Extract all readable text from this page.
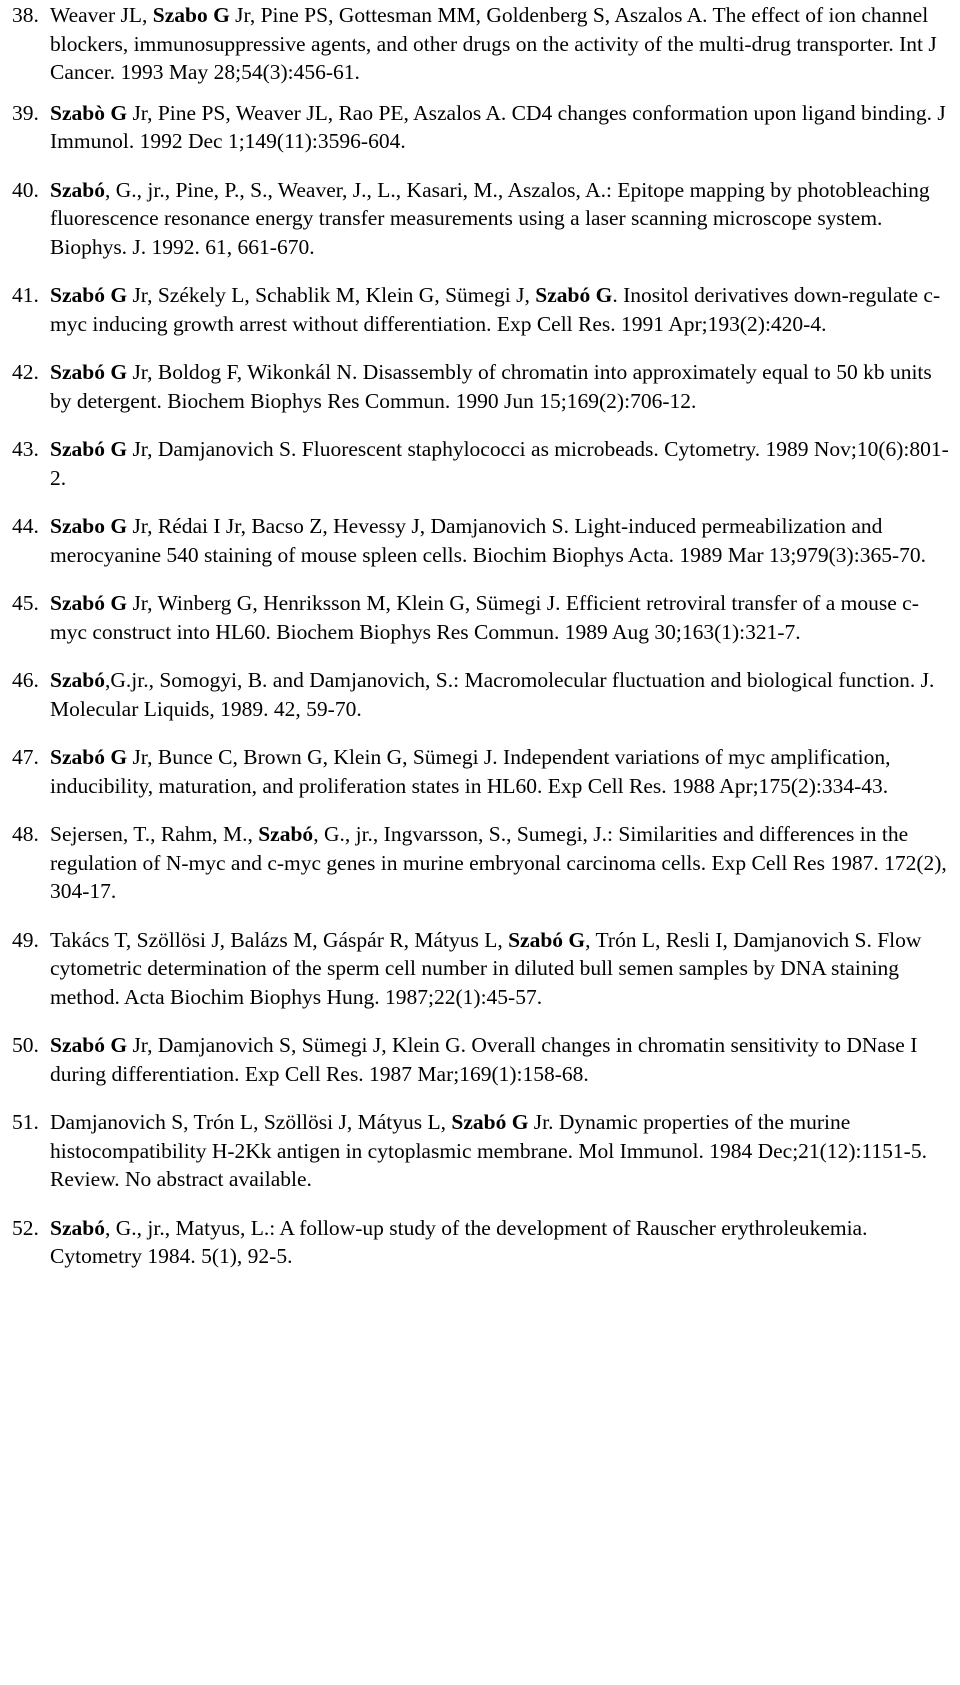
38. Weaver JL, Szabo G Jr, Pine PS, Gottesman MM, Goldenberg S, Aszalos A. The effect of ion channel blockers, immunosuppressive agents, and other drugs on the activity of the multi-drug transporter. Int J Cancer. 1993 May 28;54(3):456-61.
39. Szabò G Jr, Pine PS, Weaver JL, Rao PE, Aszalos A. CD4 changes conformation upon ligand binding. J Immunol. 1992 Dec 1;149(11):3596-604.
40. Szabó, G., jr., Pine, P., S., Weaver, J., L., Kasari, M., Aszalos, A.: Epitope mapping by photobleaching fluorescence resonance energy transfer measurements using a laser scanning microscope system. Biophys. J. 1992. 61, 661-670.
41. Szabó G Jr, Székely L, Schablik M, Klein G, Sümegi J, Szabó G. Inositol derivatives down-regulate c-myc inducing growth arrest without differentiation. Exp Cell Res. 1991 Apr;193(2):420-4.
42. Szabó G Jr, Boldog F, Wikonkál N. Disassembly of chromatin into approximately equal to 50 kb units by detergent. Biochem Biophys Res Commun. 1990 Jun 15;169(2):706-12.
43. Szabó G Jr, Damjanovich S. Fluorescent staphylococci as microbeads. Cytometry. 1989 Nov;10(6):801-2.
44. Szabo G Jr, Rédai I Jr, Bacso Z, Hevessy J, Damjanovich S. Light-induced permeabilization and merocyanine 540 staining of mouse spleen cells. Biochim Biophys Acta. 1989 Mar 13;979(3):365-70.
45. Szabó G Jr, Winberg G, Henriksson M, Klein G, Sümegi J. Efficient retroviral transfer of a mouse c-myc construct into HL60. Biochem Biophys Res Commun. 1989 Aug 30;163(1):321-7.
46. Szabó,G.jr., Somogyi, B. and Damjanovich, S.: Macromolecular fluctuation and biological function. J. Molecular Liquids, 1989. 42, 59-70.
47. Szabó G Jr, Bunce C, Brown G, Klein G, Sümegi J. Independent variations of myc amplification, inducibility, maturation, and proliferation states in HL60. Exp Cell Res. 1988 Apr;175(2):334-43.
48. Sejersen, T., Rahm, M., Szabó, G., jr., Ingvarsson, S., Sumegi, J.: Similarities and differences in the regulation of N-myc and c-myc genes in murine embryonal carcinoma cells. Exp Cell Res 1987. 172(2), 304-17.
49. Takács T, Szöllösi J, Balázs M, Gáspár R, Mátyus L, Szabó G, Trón L, Resli I, Damjanovich S. Flow cytometric determination of the sperm cell number in diluted bull semen samples by DNA staining method. Acta Biochim Biophys Hung. 1987;22(1):45-57.
50. Szabó G Jr, Damjanovich S, Sümegi J, Klein G. Overall changes in chromatin sensitivity to DNase I during differentiation. Exp Cell Res. 1987 Mar;169(1):158-68.
51. Damjanovich S, Trón L, Szöllösi J, Mátyus L, Szabó G Jr. Dynamic properties of the murine histocompatibility H-2Kk antigen in cytoplasmic membrane. Mol Immunol. 1984 Dec;21(12):1151-5. Review. No abstract available.
52. Szabó, G., jr., Matyus, L.: A follow-up study of the development of Rauscher erythroleukemia. Cytometry 1984. 5(1), 92-5.
